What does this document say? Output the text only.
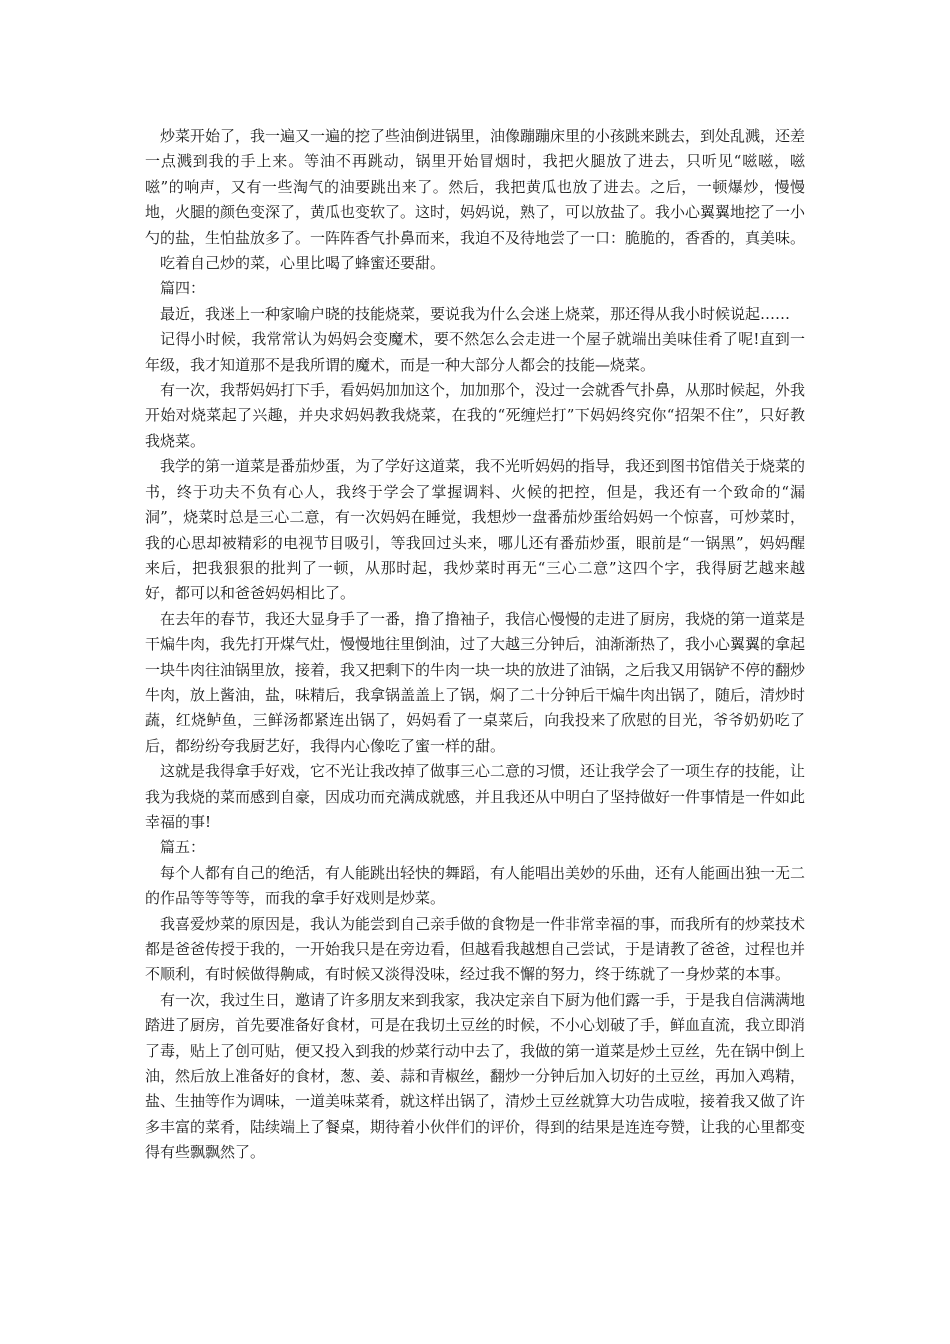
炒菜开始了，我一遍又一遍的挖了些油倒进锅里，油像蹦蹦床里的小孩跳来跳去，到处乱溅，还差一点溅到我的手上来。等油不再跳动，锅里开始冒烟时，我把火腿放了进去，只听见“嗞嗞，嗞嗞”的响声，又有一些淘气的油要跳出来了。然后，我把黄瓜也放了进去。之后，一顿爆炒，慢慢地，火腿的颜色变深了，黄瓜也变软了。这时，妈妈说，熟了，可以放盐了。我小心翼翼地挖了一小勺的盐，生怕盐放多了。一阵阵香气扑鼻而来，我迫不及待地尝了一口：脆脆的，香香的，真美味。

吃着自己炒的菜，心里比喝了蜂蜜还要甜。

篇四：

最近，我迷上一种家喻户晓的技能烧菜，要说我为什么会迷上烧菜，那还得从我小时候说起……

记得小时候，我常常认为妈妈会变魔术，要不然怎么会走进一个屋子就端出美味佳肴了呢!直到一年级，我才知道那不是我所谓的魔术，而是一种大部分人都会的技能—烧菜。

有一次，我帮妈妈打下手，看妈妈加加这个，加加那个，没过一会就香气扑鼻，从那时候起，外我开始对烧菜起了兴趣，并央求妈妈教我烧菜，在我的“死缠烂打”下妈妈终究你“招架不住”，只好教我烧菜。

我学的第一道菜是番茄炒蛋，为了学好这道菜，我不光听妈妈的指导，我还到图书馆借关于烧菜的书，终于功夫不负有心人，我终于学会了掌握调料、火候的把控，但是，我还有一个致命的“漏洞”，烧菜时总是三心二意，有一次妈妈在睡觉，我想炒一盘番茄炒蛋给妈妈一个惊喜，可炒菜时，我的心思却被精彩的电视节目吸引，等我回过头来，哪儿还有番茄炒蛋，眼前是“一锅黑”，妈妈醒来后，把我狠狠的批判了一顿，从那时起，我炒菜时再无“三心二意”这四个字，我得厨艺越来越好，都可以和爸爸妈妈相比了。

在去年的春节，我还大显身手了一番，撸了撸袖子，我信心慢慢的走进了厨房，我烧的第一道菜是干煸牛肉，我先打开煤气灶，慢慢地往里倒油，过了大越三分钟后，油渐渐热了，我小心翼翼的拿起一块牛肉往油锅里放，接着，我又把剩下的牛肉一块一块的放进了油锅，之后我又用锅铲不停的翻炒牛肉，放上酱油，盐，味精后，我拿锅盖盖上了锅，焖了二十分钟后干煸牛肉出锅了，随后，清炒时蔬，红烧鲈鱼，三鲜汤都紧连出锅了，妈妈看了一桌菜后，向我投来了欣慰的目光，爷爷奶奶吃了后，都纷纷夸我厨艺好，我得内心像吃了蜜一样的甜。

这就是我得拿手好戏，它不光让我改掉了做事三心二意的习惯，还让我学会了一项生存的技能，让我为我烧的菜而感到自豪，因成功而充满成就感，并且我还从中明白了坚持做好一件事情是一件如此幸福的事!

篇五：

每个人都有自己的绝活，有人能跳出轻快的舞蹈，有人能唱出美妙的乐曲，还有人能画出独一无二的作品等等等等，而我的拿手好戏则是炒菜。

我喜爱炒菜的原因是，我认为能尝到自己亲手做的食物是一件非常幸福的事，而我所有的炒菜技术都是爸爸传授于我的，一开始我只是在旁边看，但越看我越想自己尝试，于是请教了爸爸，过程也并不顺利，有时候做得齁咸，有时候又淡得没味，经过我不懈的努力，终于练就了一身炒菜的本事。

有一次，我过生日，邀请了许多朋友来到我家，我决定亲自下厨为他们露一手，于是我自信满满地踏进了厨房，首先要准备好食材，可是在我切土豆丝的时候，不小心划破了手，鲜血直流，我立即消了毒，贴上了创可贴，便又投入到我的炒菜行动中去了，我做的第一道菜是炒土豆丝，先在锅中倒上油，然后放上准备好的食材，葱、姜、蒜和青椒丝，翻炒一分钟后加入切好的土豆丝，再加入鸡精，盐、生抽等作为调味，一道美味菜肴，就这样出锅了，清炒土豆丝就算大功告成啦，接着我又做了许多丰富的菜肴，陆续端上了餐桌，期待着小伙伴们的评价，得到的结果是连连夸赞，让我的心里都变得有些飘飘然了。
